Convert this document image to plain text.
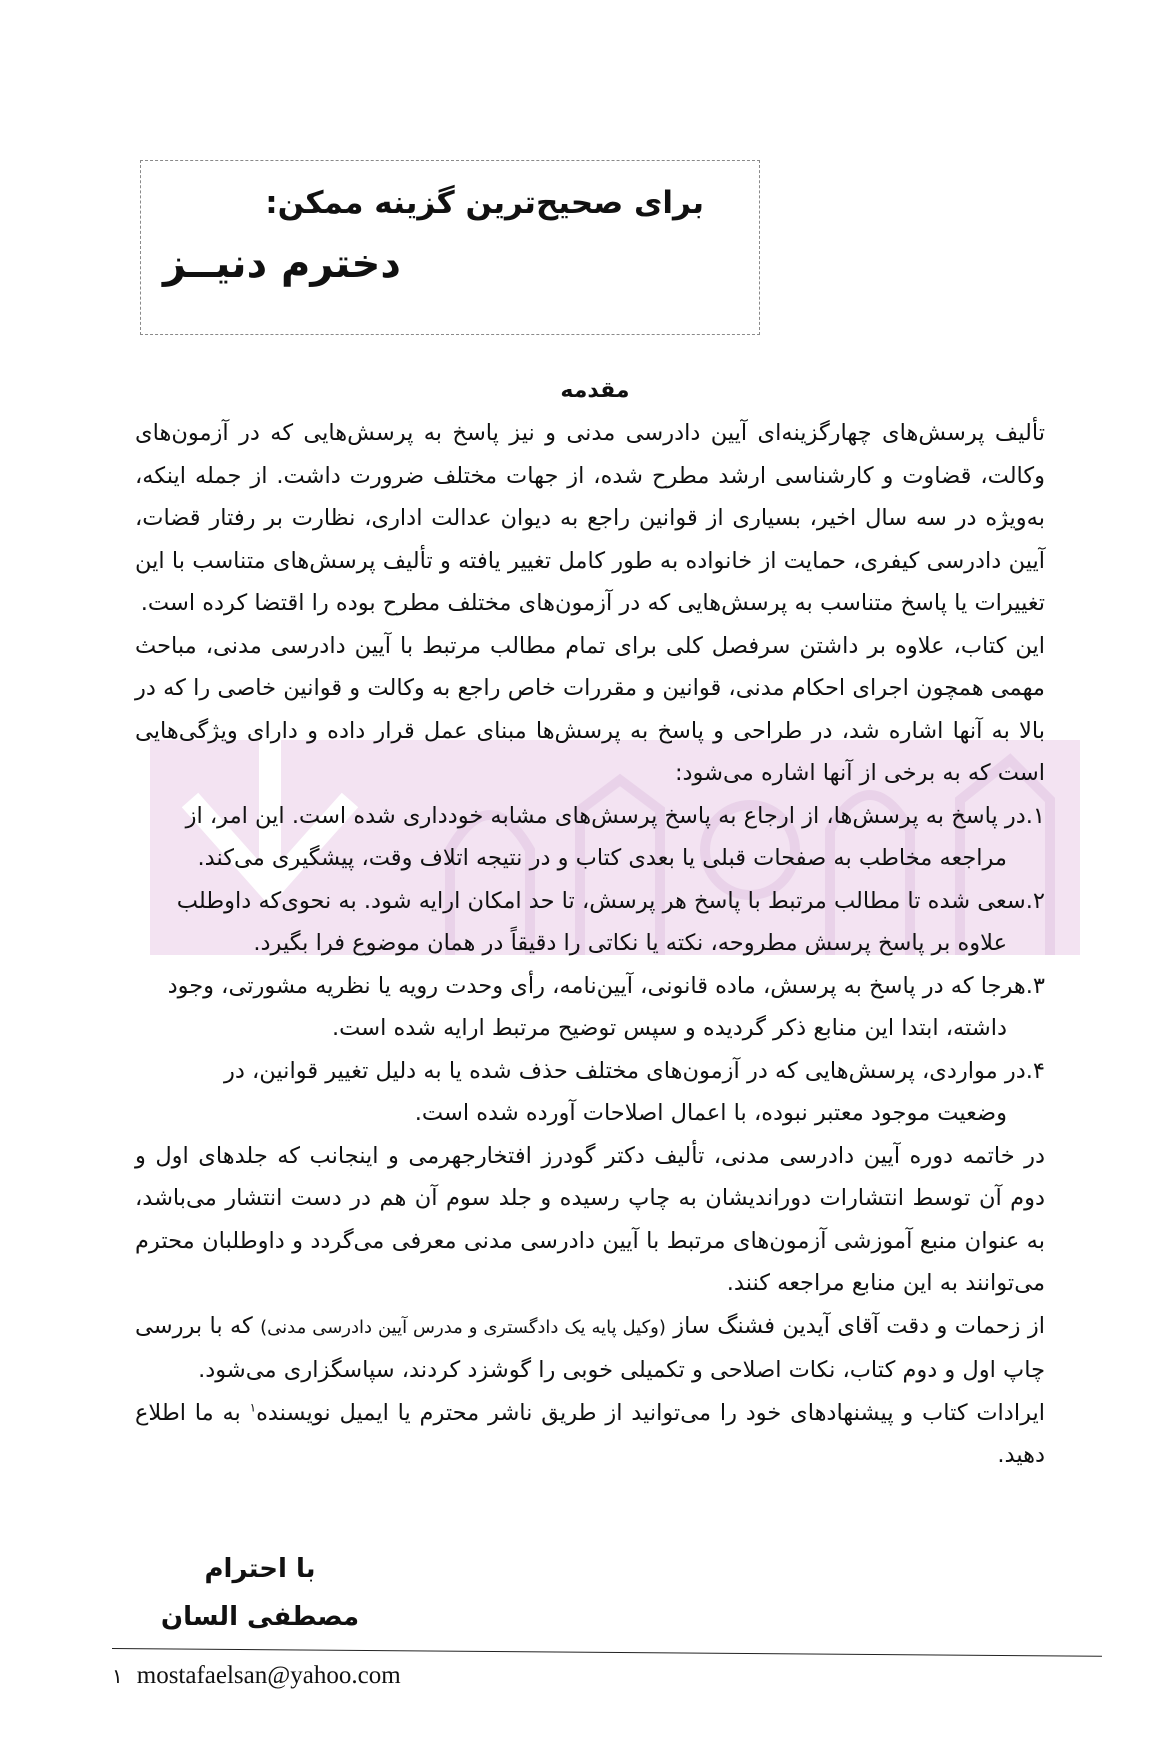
برای صحیح‌ترین گزینه ممکن:
دخترم دنیــز
مقدمه

تألیف پرسش‌های چهارگزینه‌ای آیین دادرسی مدنی و نیز پاسخ به پرسش‌هایی که در آزمون‌های وکالت، قضاوت و کارشناسی ارشد مطرح شده، از جهات مختلف ضرورت داشت. از جمله اینکه، به‌ویژه در سه سال اخیر، بسیاری از قوانین راجع به دیوان عدالت اداری، نظارت بر رفتار قضات، آیین دادرسی کیفری، حمایت از خانواده به طور کامل تغییر یافته و تألیف پرسش‌های متناسب با این تغییرات یا پاسخ متناسب به پرسش‌هایی که در آزمون‌های مختلف مطرح بوده را اقتضا کرده است.

این کتاب، علاوه بر داشتن سرفصل کلی برای تمام مطالب مرتبط با آیین دادرسی مدنی، مباحث مهمی همچون اجرای احکام مدنی، قوانین و مقررات خاص راجع به وکالت و قوانین خاصی را که در بالا به آنها اشاره شد، در طراحی و پاسخ به پرسش‌ها مبنای عمل قرار داده و دارای ویژگی‌هایی است که به برخی از آنها اشاره می‌شود:

۱.در پاسخ به پرسش‌ها، از ارجاع به پاسخ پرسش‌های مشابه خودداری شده است. این امر، از
مراجعه مخاطب به صفحات قبلی یا بعدی کتاب و در نتیجه اتلاف وقت، پیشگیری می‌کند.

۲.سعی شده تا مطالب مرتبط با پاسخ هر پرسش، تا حد امکان ارایه شود. به نحوی‌که داوطلب
علاوه بر پاسخ پرسش مطروحه، نکته یا نکاتی را دقیقاً در همان موضوع فرا بگیرد.

۳.هرجا که در پاسخ به پرسش، ماده قانونی، آیین‌نامه، رأی وحدت رویه یا نظریه مشورتی، وجود
داشته، ابتدا این منابع ذکر گردیده و سپس توضیح مرتبط ارایه شده است.

۴.در مواردی، پرسش‌هایی که در آزمون‌های مختلف حذف شده یا به دلیل تغییر قوانین، در
وضعیت موجود معتبر نبوده، با اعمال اصلاحات آورده شده است.

در خاتمه دوره آیین دادرسی مدنی، تألیف دکتر گودرز افتخارجهرمی و اینجانب که جلدهای اول و دوم آن توسط انتشارات دوراندیشان به چاپ رسیده و جلد سوم آن هم در دست انتشار می‌باشد، به عنوان منبع آموزشی آزمون‌های مرتبط با آیین دادرسی مدنی معرفی می‌گردد و داوطلبان محترم می‌توانند به این منابع مراجعه کنند.

از زحمات و دقت آقای آیدین فشنگ ساز (وکیل پایه یک دادگستری و مدرس آیین دادرسی مدنی) که با بررسی چاپ اول و دوم کتاب، نکات اصلاحی و تکمیلی خوبی را گوشزد کردند، سپاسگزاری می‌شود.

ایرادات کتاب و پیشنهادهای خود را می‌توانید از طریق ناشر محترم یا ایمیل نویسنده$^۱$ به ما اطلاع دهید.

با احترام
مصطفی السان
۱ mostafaelsan@yahoo.com
